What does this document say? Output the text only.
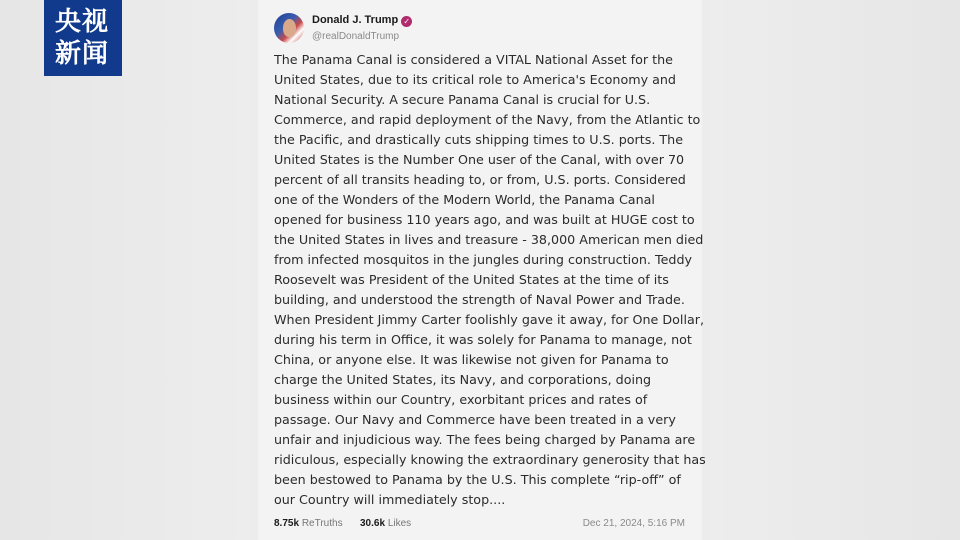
央视
新闻
Donald J. Trump ✓
@realDonaldTrump
The Panama Canal is considered a VITAL National Asset for the
United States, due to its critical role to America's Economy and
National Security. A secure Panama Canal is crucial for U.S.
Commerce, and rapid deployment of the Navy, from the Atlantic to
the Pacific, and drastically cuts shipping times to U.S. ports. The
United States is the Number One user of the Canal, with over 70
percent of all transits heading to, or from, U.S. ports. Considered
one of the Wonders of the Modern World, the Panama Canal
opened for business 110 years ago, and was built at HUGE cost to
the United States in lives and treasure - 38,000 American men died
from infected mosquitos in the jungles during construction. Teddy
Roosevelt was President of the United States at the time of its
building, and understood the strength of Naval Power and Trade.
When President Jimmy Carter foolishly gave it away, for One Dollar,
during his term in Office, it was solely for Panama to manage, not
China, or anyone else. It was likewise not given for Panama to
charge the United States, its Navy, and corporations, doing
business within our Country, exorbitant prices and rates of
passage. Our Navy and Commerce have been treated in a very
unfair and injudicious way. The fees being charged by Panama are
ridiculous, especially knowing the extraordinary generosity that has
been bestowed to Panama by the U.S. This complete “rip-off” of
our Country will immediately stop....
8.75k ReTruths 30.6k Likes	Dec 21, 2024, 5:16 PM
